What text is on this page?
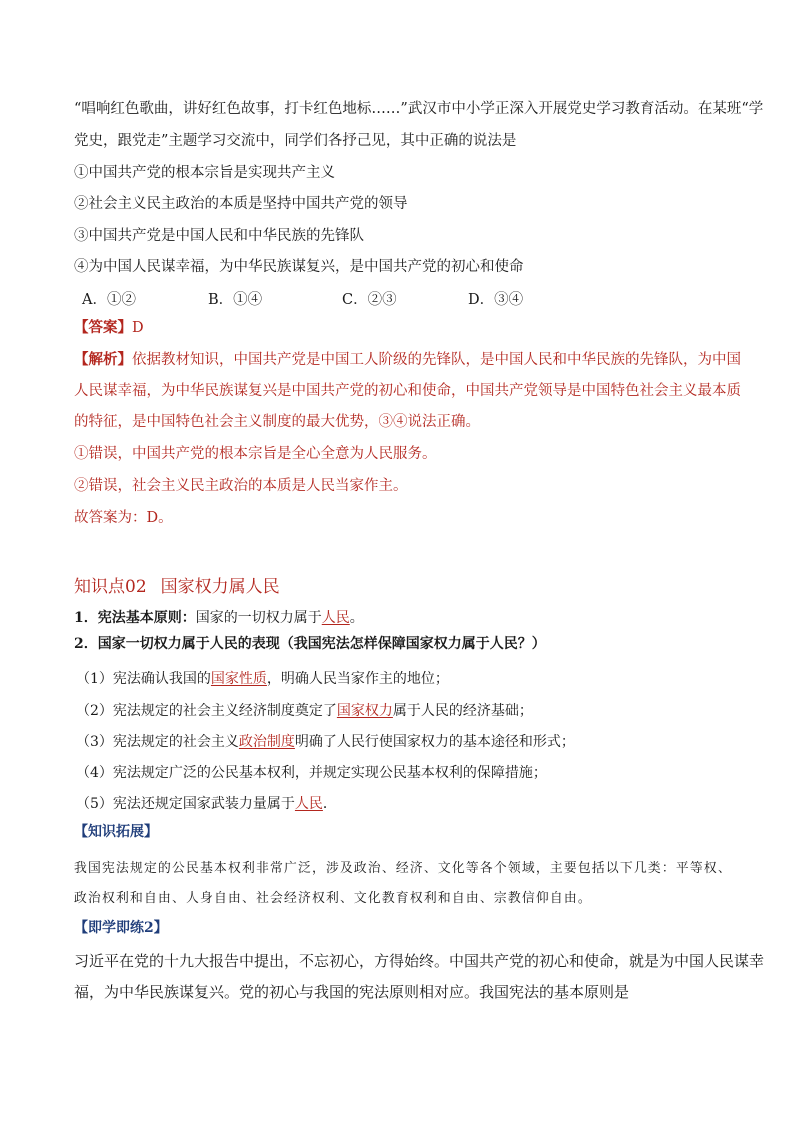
“唱响红色歌曲，讲好红色故事，打卡红色地标……”武汉市中小学正深入开展党史学习教育活动。在某班“学
党史，跟党走”主题学习交流中，同学们各抒己见，其中正确的说法是
①中国共产党的根本宗旨是实现共产主义
②社会主义民主政治的本质是坚持中国共产党的领导
③中国共产党是中国人民和中华民族的先锋队
④为中国人民谋幸福，为中华民族谋复兴，是中国共产党的初心和使命
A．①②	B．①④	C．②③	D．③④
【答案】D
【解析】依据教材知识，中国共产党是中国工人阶级的先锋队，是中国人民和中华民族的先锋队，为中国
人民谋幸福，为中华民族谋复兴是中国共产党的初心和使命，中国共产党领导是中国特色社会主义最本质
的特征，是中国特色社会主义制度的最大优势，③④说法正确。
①错误，中国共产党的根本宗旨是全心全意为人民服务。
②错误，社会主义民主政治的本质是人民当家作主。
故答案为：D。
知识点02 国家权力属人民
1．宪法基本原则：国家的一切权力属于人民。
2．国家一切权力属于人民的表现（我国宪法怎样保障国家权力属于人民？）
（1）宪法确认我国的国家性质，明确人民当家作主的地位；
（2）宪法规定的社会主义经济制度奠定了国家权力属于人民的经济基础；
（3）宪法规定的社会主义政治制度明确了人民行使国家权力的基本途径和形式；
（4）宪法规定广泛的公民基本权利，并规定实现公民基本权利的保障措施；
（5）宪法还规定国家武装力量属于人民．
【知识拓展】
我国宪法规定的公民基本权利非常广泛，涉及政治、经济、文化等各个领域，主要包括以下几类：平等权、
政治权利和自由、人身自由、社会经济权利、文化教育权利和自由、宗教信仰自由。
【即学即练2】
习近平在党的十九大报告中提出，不忘初心，方得始终。中国共产党的初心和使命，就是为中国人民谋幸
福，为中华民族谋复兴。党的初心与我国的宪法原则相对应。我国宪法的基本原则是
